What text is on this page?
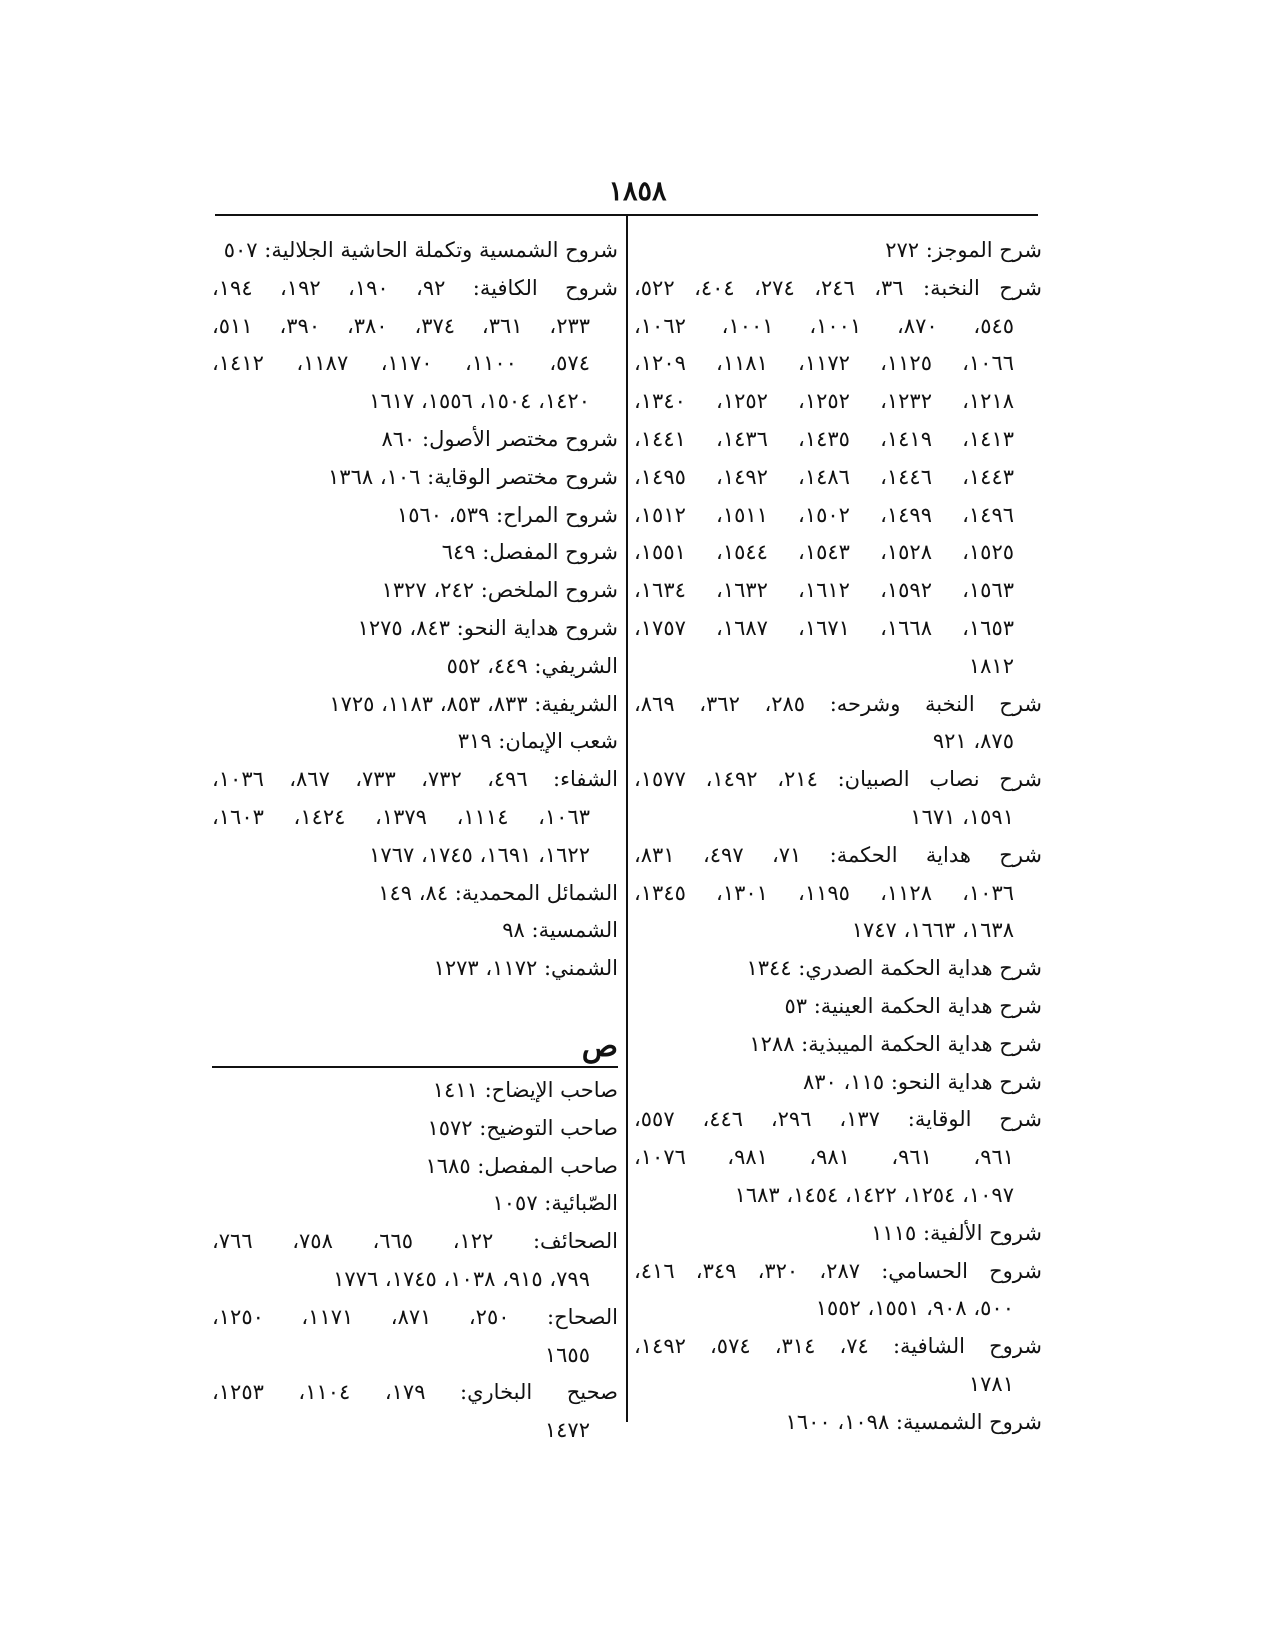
١٨٥٨
شرح الموجز: ٢٧٢
شرح النخبة: ٣٦، ٢٤٦، ٢٧٤، ٤٠٤، ٥٢٢،
٥٤٥، ٨٧٠، ١٠٠١، ١٠٠١، ١٠٦٢،
١٠٦٦، ١١٢٥، ١١٧٢، ١١٨١، ١٢٠٩،
١٢١٨، ١٢٣٢، ١٢٥٢، ١٢٥٢، ١٣٤٠،
١٤١٣، ١٤١٩، ١٤٣٥، ١٤٣٦، ١٤٤١،
١٤٤٣، ١٤٤٦، ١٤٨٦، ١٤٩٢، ١٤٩٥،
١٤٩٦، ١٤٩٩، ١٥٠٢، ١٥١١، ١٥١٢،
١٥٢٥، ١٥٢٨، ١٥٤٣، ١٥٤٤، ١٥٥١،
١٥٦٣، ١٥٩٢، ١٦١٢، ١٦٣٢، ١٦٣٤،
١٦٥٣، ١٦٦٨، ١٦٧١، ١٦٨٧، ١٧٥٧،
١٨١٢
شرح النخبة وشرحه: ٢٨٥، ٣٦٢، ٨٦٩،
٨٧٥، ٩٢١
شرح نصاب الصبيان: ٢١٤، ١٤٩٢، ١٥٧٧،
١٥٩١، ١٦٧١
شرح هداية الحكمة: ٧١، ٤٩٧، ٨٣١،
١٠٣٦، ١١٢٨، ١١٩٥، ١٣٠١، ١٣٤٥،
١٦٣٨، ١٦٦٣، ١٧٤٧
شرح هداية الحكمة الصدري: ١٣٤٤
شرح هداية الحكمة العينية: ٥٣
شرح هداية الحكمة الميبذية: ١٢٨٨
شرح هداية النحو: ١١٥، ٨٣٠
شرح الوقاية: ١٣٧، ٢٩٦، ٤٤٦، ٥٥٧،
٩٦١، ٩٦١، ٩٨١، ٩٨١، ١٠٧٦،
١٠٩٧، ١٢٥٤، ١٤٢٢، ١٤٥٤، ١٦٨٣
شروح الألفية: ١١١٥
شروح الحسامي: ٢٨٧، ٣٢٠، ٣٤٩، ٤١٦،
٥٠٠، ٩٠٨، ١٥٥١، ١٥٥٢
شروح الشافية: ٧٤، ٣١٤، ٥٧٤، ١٤٩٢،
١٧٨١
شروح الشمسية: ١٠٩٨، ١٦٠٠
شروح الشمسية وتكملة الحاشية الجلالية: ٥٠٧
شروح الكافية: ٩٢، ١٩٠، ١٩٢، ١٩٤،
٢٣٣، ٣٦١، ٣٧٤، ٣٨٠، ٣٩٠، ٥١١،
٥٧٤، ١١٠٠، ١١٧٠، ١١٨٧، ١٤١٢،
١٤٢٠، ١٥٠٤، ١٥٥٦، ١٦١٧
شروح مختصر الأصول: ٨٦٠
شروح مختصر الوقاية: ١٠٦، ١٣٦٨
شروح المراح: ٥٣٩، ١٥٦٠
شروح المفصل: ٦٤٩
شروح الملخص: ٢٤٢، ١٣٢٧
شروح هداية النحو: ٨٤٣، ١٢٧٥
الشريفي: ٤٤٩، ٥٥٢
الشريفية: ٨٣٣، ٨٥٣، ١١٨٣، ١٧٢٥
شعب الإيمان: ٣١٩
الشفاء: ٤٩٦، ٧٣٢، ٧٣٣، ٨٦٧، ١٠٣٦،
١٠٦٣، ١١١٤، ١٣٧٩، ١٤٢٤، ١٦٠٣،
١٦٢٢، ١٦٩١، ١٧٤٥، ١٧٦٧
الشمائل المحمدية: ٨٤، ١٤٩
الشمسية: ٩٨
الشمني: ١١٧٢، ١٢٧٣
ص
صاحب الإيضاح: ١٤١١
صاحب التوضيح: ١٥٧٢
صاحب المفصل: ١٦٨٥
الصّبائية: ١٠٥٧
الصحائف: ١٢٢، ٦٦٥، ٧٥٨، ٧٦٦،
٧٩٩، ٩١٥، ١٠٣٨، ١٧٤٥، ١٧٧٦
الصحاح: ٢٥٠، ٨٧١، ١١٧١، ١٢٥٠،
١٦٥٥
صحيح البخاري: ١٧٩، ١١٠٤، ١٢٥٣،
١٤٧٢
